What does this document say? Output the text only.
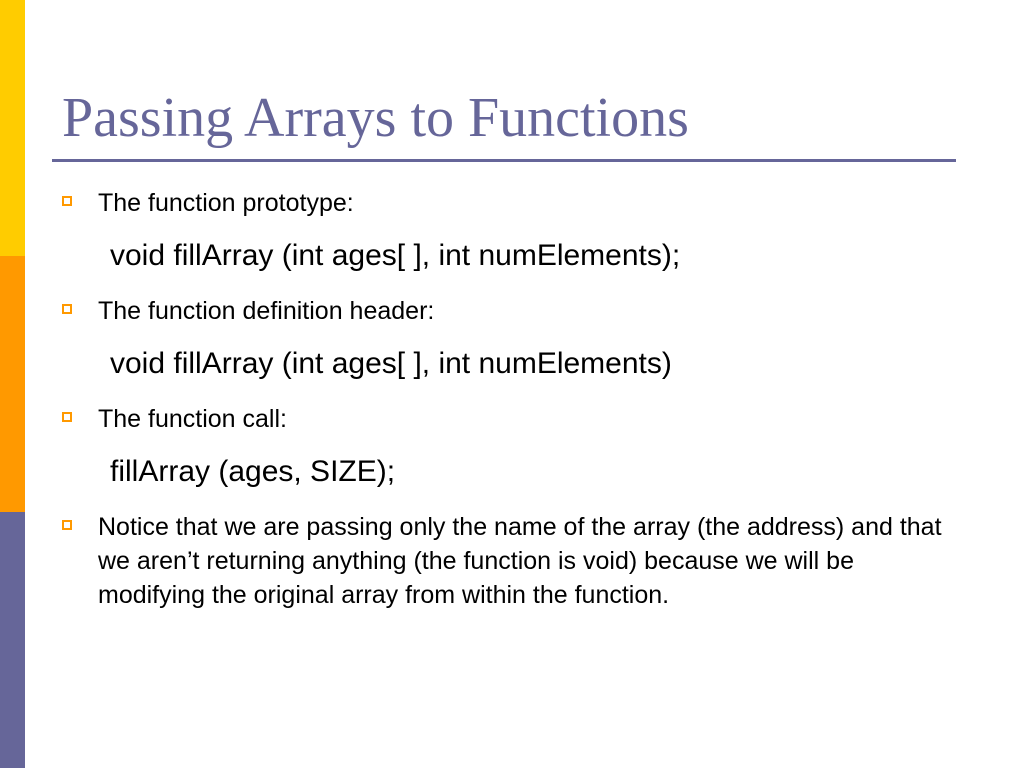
Passing Arrays to Functions
The function prototype:
void fillArray (int ages[ ], int numElements);
The function definition header:
void fillArray (int ages[ ], int numElements)
The function call:
fillArray (ages, SIZE);
Notice that we are passing only the name of the array (the address) and that we aren’t returning anything (the function is void) because we will be modifying the original array from within the function.
